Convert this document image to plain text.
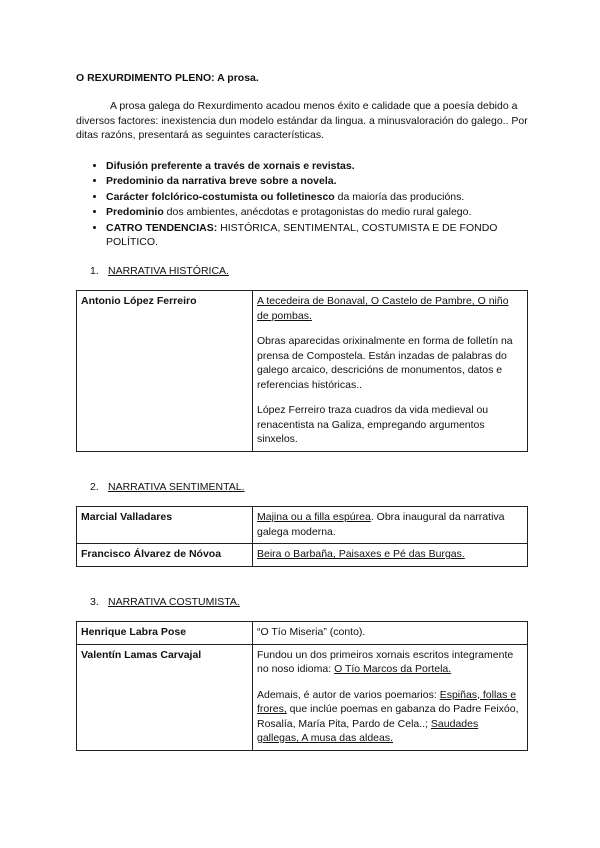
O REXURDIMENTO PLENO: A prosa.

A prosa galega do Rexurdimento acadou menos éxito e calidade que a poesía debido a diversos factores: inexistencia dun modelo estándar da lingua. a minusvaloración do galego.. Por ditas razóns, presentará as seguintes características.

• Difusión preferente a través de xornais e revistas.
• Predominio da narrativa breve sobre a novela.
• Carácter folclórico-costumista ou folletinesco da maioría das producións.
• Predominio dos ambientes, anécdotas e protagonistas do medio rural galego.
• CATRO TENDENCIAS: HISTÓRICA, SENTIMENTAL, COSTUMISTA E DE FONDO POLÍTICO.

1. NARRATIVA HISTÓRICA.

Antonio López Ferreiro	A tecedeira de Bonaval, O Castelo de Pambre, O niño de pombas.

Obras aparecidas orixinalmente en forma de folletín na prensa de Compostela. Están inzadas de palabras do galego arcaico, descricións de monumentos, datos e referencias históricas..

López Ferreiro traza cuadros da vida medieval ou renacentista na Galiza, empregando argumentos sinxelos.

2. NARRATIVA SENTIMENTAL.

Marcial Valladares	Majina ou a filla espúrea. Obra inaugural da narrativa galega moderna.

Francisco Álvarez de Nóvoa	Beira o Barbaña, Paisaxes e Pé das Burgas.

3. NARRATIVA COSTUMISTA.

Henrique Labra Pose	“O Tío Miseria” (conto).

Valentín Lamas Carvajal	Fundou un dos primeiros xornais escritos integramente no noso idioma: O Tío Marcos da Portela.

Ademais, é autor de varios poemarios: Espiñas, follas e frores, que inclúe poemas en gabanza do Padre Feixóo, Rosalía, María Pita, Pardo de Cela..; Saudades gallegas, A musa das aldeas.
